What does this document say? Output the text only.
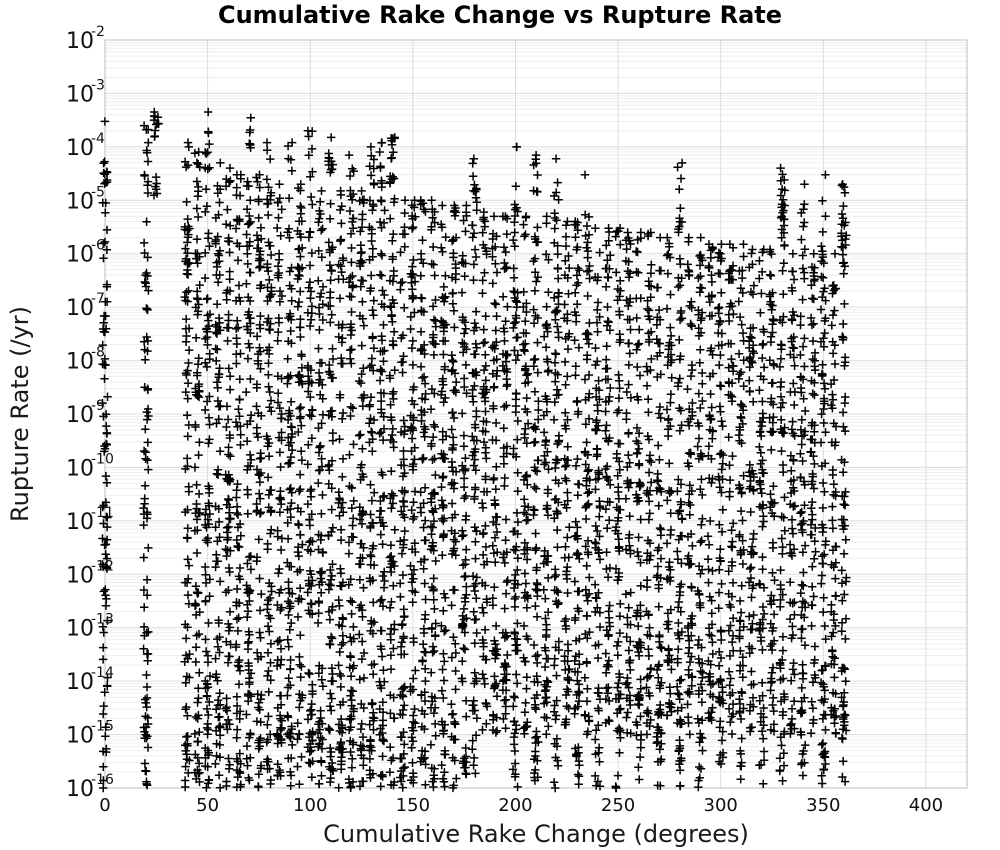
Cumulative Rake Change vs Rupture Rate
0	50	100	150	200	250	300	350	400
10
-2
10
-3
10
-4
10
-5
10
-6
10
-7
10
-8
10
-9
10
-10
10
-11
10
-12
10
-13
10
-14
10
-15
10
-16
Cumulative Rake Change (degrees)
Rupture Rate (/yr)
